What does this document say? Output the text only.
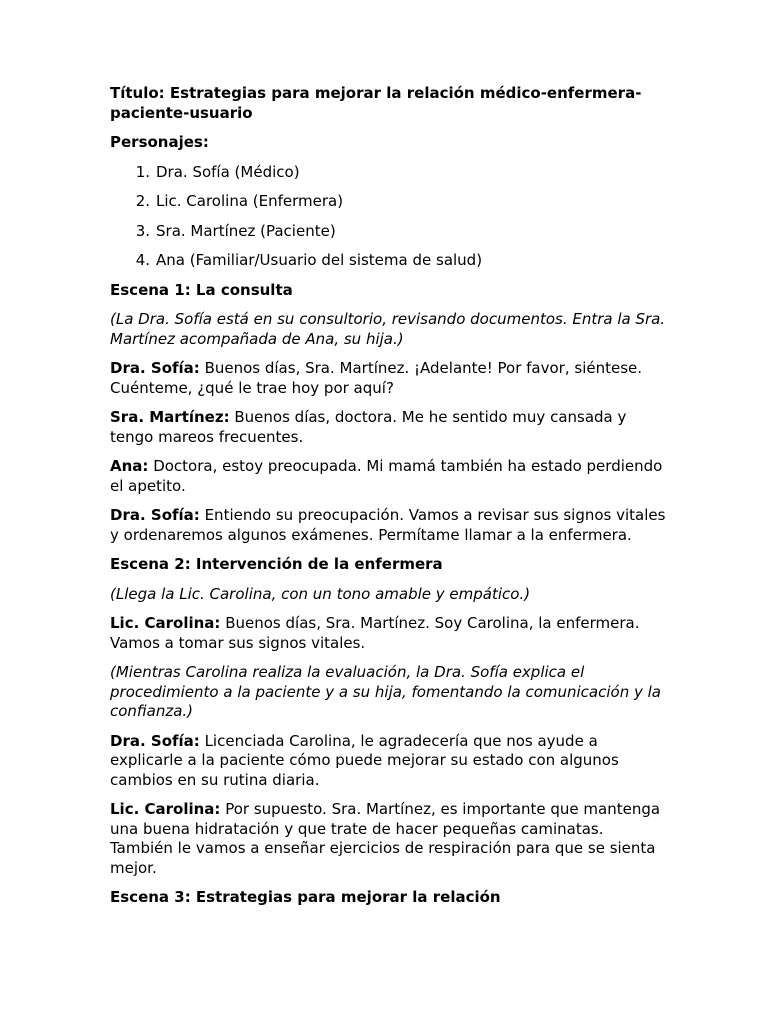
Título: Estrategias para mejorar la relación médico-enfermera-paciente-usuario

Personajes:

1. Dra. Sofía (Médico)
2. Lic. Carolina (Enfermera)
3. Sra. Martínez (Paciente)
4. Ana (Familiar/Usuario del sistema de salud)

Escena 1: La consulta

(La Dra. Sofía está en su consultorio, revisando documentos. Entra la Sra. Martínez acompañada de Ana, su hija.)

Dra. Sofía: Buenos días, Sra. Martínez. ¡Adelante! Por favor, siéntese. Cuénteme, ¿qué le trae hoy por aquí?

Sra. Martínez: Buenos días, doctora. Me he sentido muy cansada y tengo mareos frecuentes.

Ana: Doctora, estoy preocupada. Mi mamá también ha estado perdiendo el apetito.

Dra. Sofía: Entiendo su preocupación. Vamos a revisar sus signos vitales y ordenaremos algunos exámenes. Permítame llamar a la enfermera.

Escena 2: Intervención de la enfermera

(Llega la Lic. Carolina, con un tono amable y empático.)

Lic. Carolina: Buenos días, Sra. Martínez. Soy Carolina, la enfermera. Vamos a tomar sus signos vitales.

(Mientras Carolina realiza la evaluación, la Dra. Sofía explica el procedimiento a la paciente y a su hija, fomentando la comunicación y la confianza.)

Dra. Sofía: Licenciada Carolina, le agradecería que nos ayude a explicarle a la paciente cómo puede mejorar su estado con algunos cambios en su rutina diaria.

Lic. Carolina: Por supuesto. Sra. Martínez, es importante que mantenga una buena hidratación y que trate de hacer pequeñas caminatas. También le vamos a enseñar ejercicios de respiración para que se sienta mejor.

Escena 3: Estrategias para mejorar la relación
